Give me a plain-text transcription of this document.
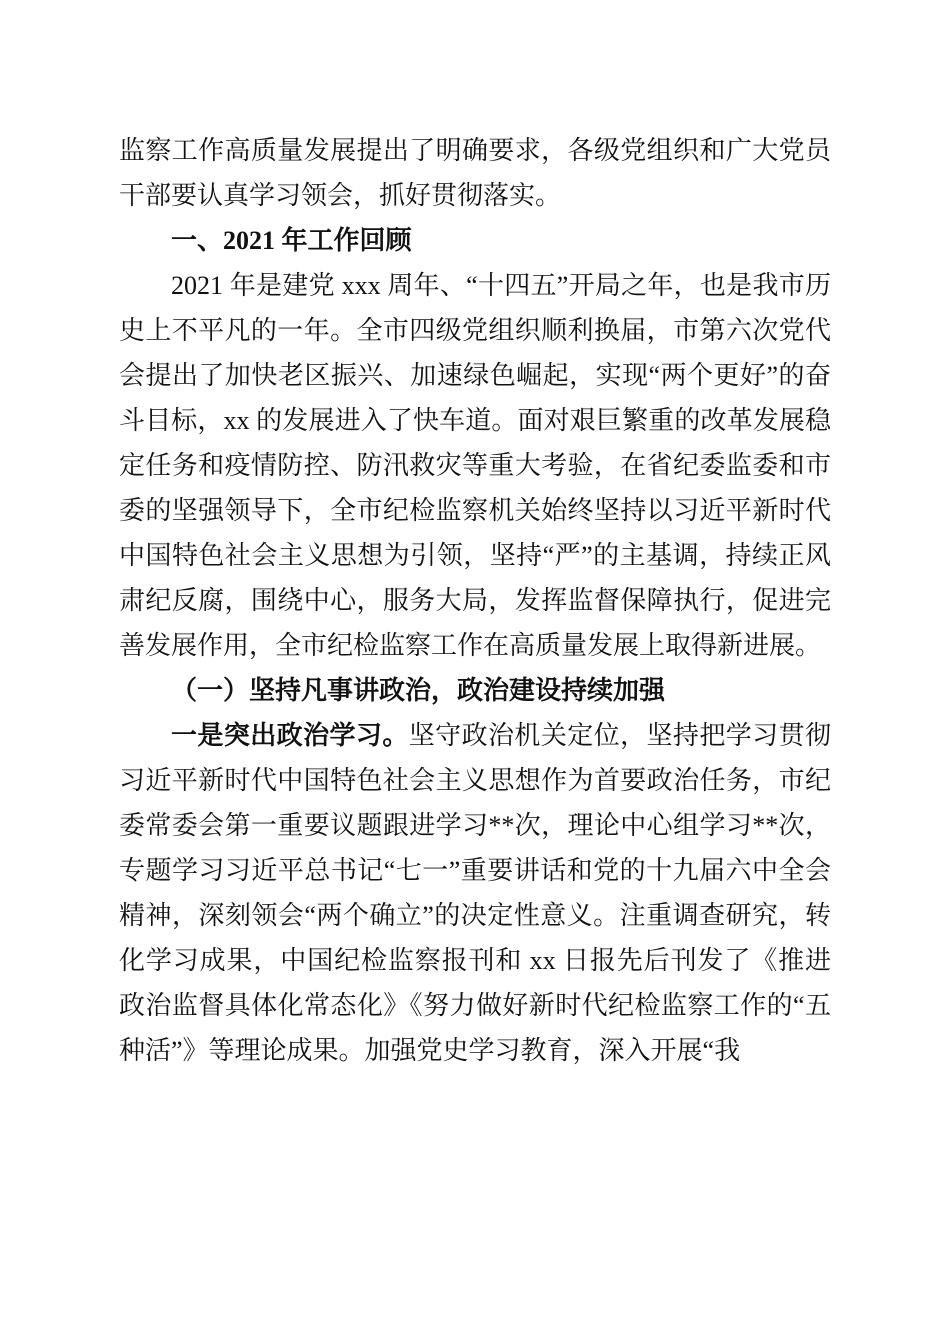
监察工作高质量发展提出了明确要求，各级党组织和广大党员干部要认真学习领会，抓好贯彻落实。

一、2021 年工作回顾

2021 年是建党 xxx 周年、“十四五”开局之年，也是我市历史上不平凡的一年。全市四级党组织顺利换届，市第六次党代会提出了加快老区振兴、加速绿色崛起，实现“两个更好”的奋斗目标，xx 的发展进入了快车道。面对艰巨繁重的改革发展稳定任务和疫情防控、防汛救灾等重大考验，在省纪委监委和市委的坚强领导下，全市纪检监察机关始终坚持以习近平新时代中国特色社会主义思想为引领，坚持“严”的主基调，持续正风肃纪反腐，围绕中心，服务大局，发挥监督保障执行，促进完善发展作用，全市纪检监察工作在高质量发展上取得新进展。

（一）坚持凡事讲政治，政治建设持续加强

一是突出政治学习。坚守政治机关定位，坚持把学习贯彻习近平新时代中国特色社会主义思想作为首要政治任务，市纪委常委会第一重要议题跟进学习**次，理论中心组学习**次，专题学习习近平总书记“七一”重要讲话和党的十九届六中全会精神，深刻领会“两个确立”的决定性意义。注重调查研究，转化学习成果，中国纪检监察报刊和 xx 日报先后刊发了《推进政治监督具体化常态化》《努力做好新时代纪检监察工作的“五种活”》等理论成果。加强党史学习教育，深入开展“我
